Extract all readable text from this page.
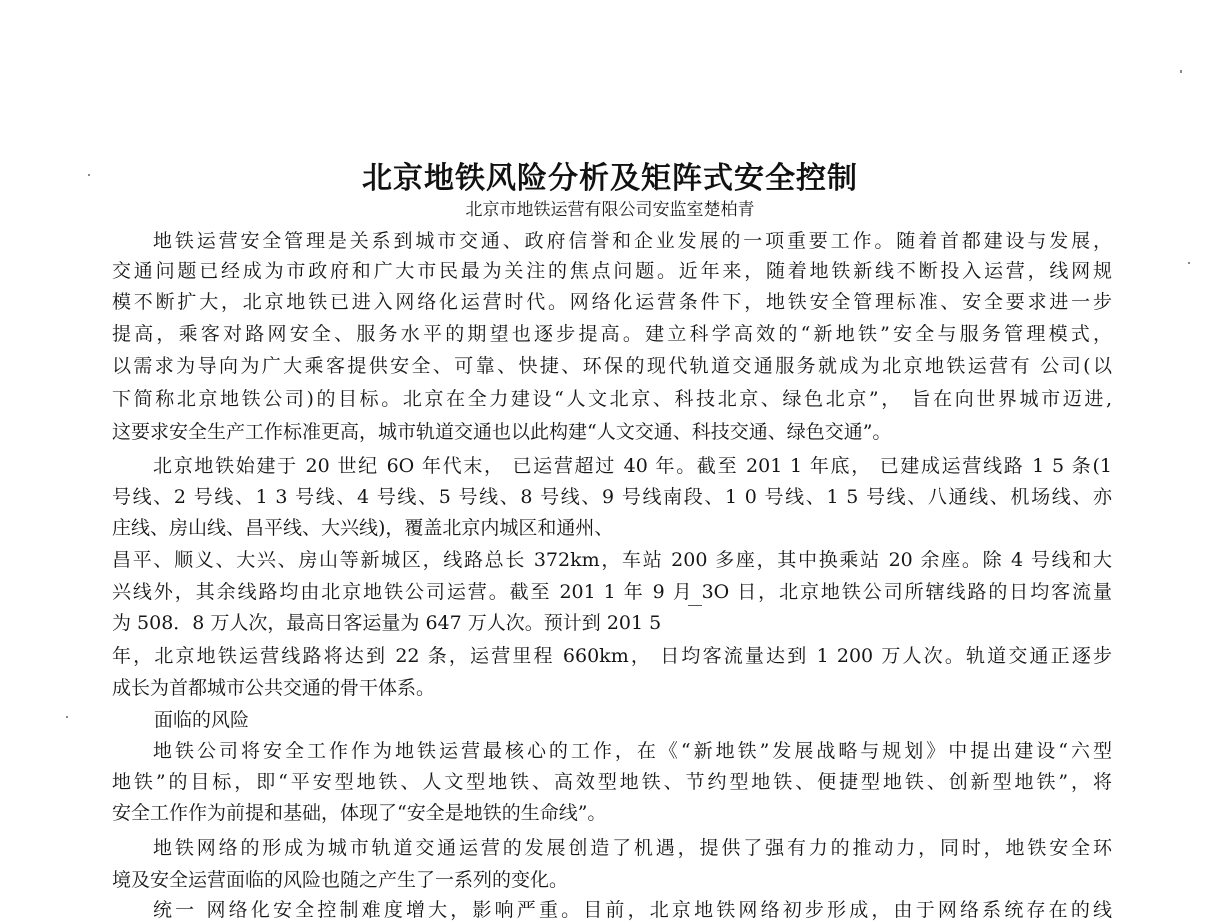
北京地铁风险分析及矩阵式安全控制
北京市地铁运营有限公司安监室楚柏青
地铁运营安全管理是关系到城市交通、政府信誉和企业发展的一项重要工作。随着首都建设与发展，
交通问题已经成为市政府和广大市民最为关注的焦点问题。近年来，随着地铁新线不断投入运营，线网规
模不断扩大，北京地铁已进入网络化运营时代。网络化运营条件下，地铁安全管理标准、安全要求进一步
提高，乘客对路网安全、服务水平的期望也逐步提高。建立科学高效的“新地铁”安全与服务管理模式，
以需求为导向为广大乘客提供安全、可靠、快捷、环保的现代轨道交通服务就成为北京地铁运营有 公司(以
下简称北京地铁公司)的目标。北京在全力建设“人文北京、科技北京、绿色北京”， 旨在向世界城市迈进,
这要求安全生产工作标准更高，城市轨道交通也以此构建“人文交通、科技交通、绿色交通”。
北京地铁始建于 20 世纪 6O 年代末， 已运营超过 40 年。截至 201 1 年底， 已建成运营线路 1 5 条(1
号线、2 号线、1 3 号线、4 号线、5 号线、8 号线、9 号线南段、1 0 号线、1 5 号线、八通线、机场线、亦
庄线、房山线、昌平线、大兴线)，覆盖北京内城区和通州、
昌平、顺义、大兴、房山等新城区，线路总长 372km，车站 200 多座，其中换乘站 20 余座。除 4 号线和大
兴线外，其余线路均由北京地铁公司运营。截至 201 1 年 9 月 3O 日，北京地铁公司所辖线路的日均客流量
为 508．8 万人次，最高日客运量为 647 万人次。预计到 201 5
年，北京地铁运营线路将达到 22 条，运营里程 660km， 日均客流量达到 1 200 万人次。轨道交通正逐步
成长为首都城市公共交通的骨干体系。
面临的风险
地铁公司将安全工作作为地铁运营最核心的工作，在《“新地铁”发展战略与规划》中提出建设“六型
地铁”的目标，即“平安型地铁、人文型地铁、高效型地铁、节约型地铁、便捷型地铁、创新型地铁”，将
安全工作作为前提和基础，体现了“安全是地铁的生命线”。
地铁网络的形成为城市轨道交通运营的发展创造了机遇，提供了强有力的推动力，同时，地铁安全环
境及安全运营面临的风险也随之产生了一系列的变化。
统一 网络化安全控制难度增大，影响严重。目前，北京地铁网络初步形成，由于网络系统存在的线
